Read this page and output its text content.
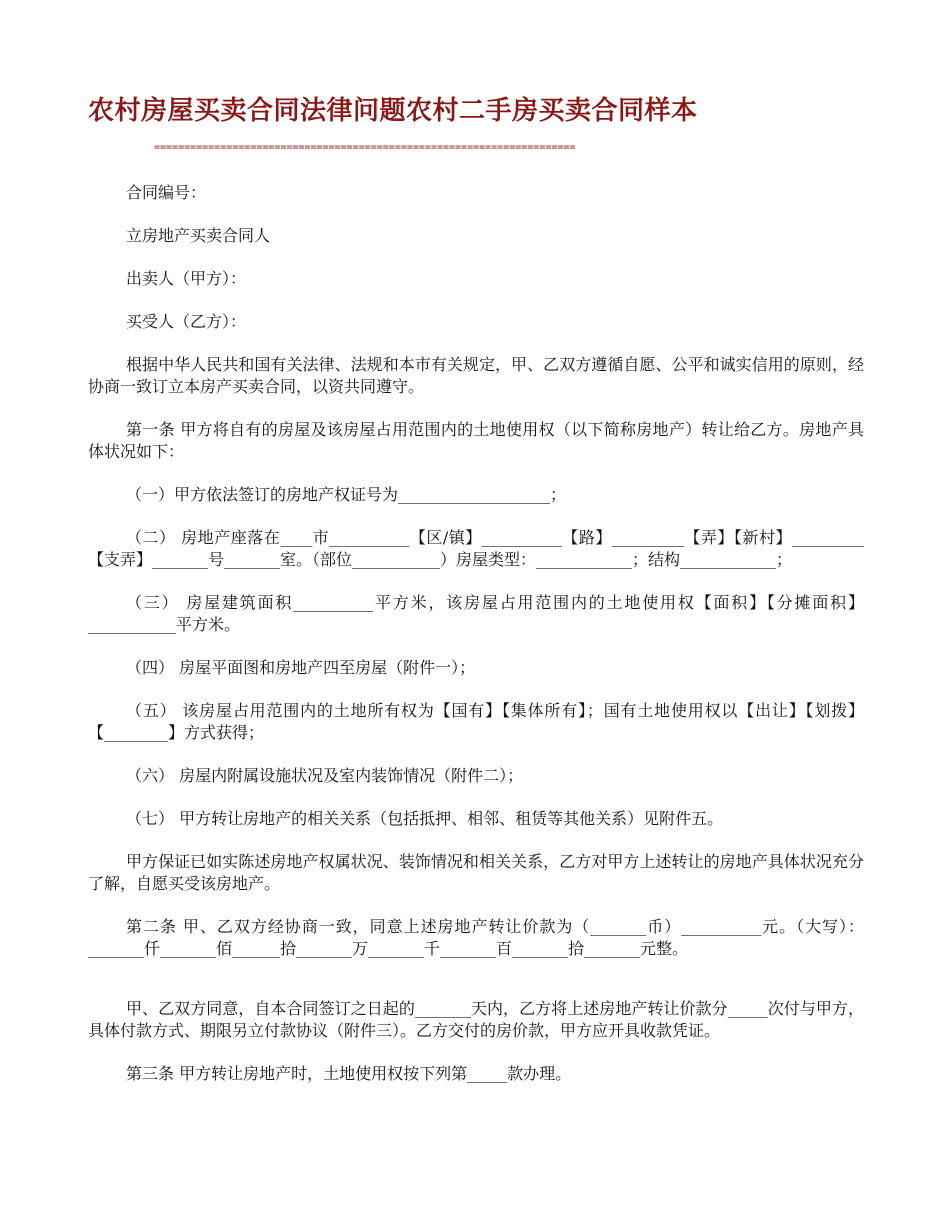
农村房屋买卖合同法律问题农村二手房买卖合同样本
======================================================================

合同编号：

立房地产买卖合同人

出卖人（甲方）：

买受人（乙方）：

根据中华人民共和国有关法律、法规和本市有关规定，甲、乙双方遵循自愿、公平和诚实信用的原则，经协商一致订立本房产买卖合同，以资共同遵守。

第一条 甲方将自有的房屋及该房屋占用范围内的土地使用权（以下简称房地产）转让给乙方。房地产具体状况如下：

（一）甲方依法签订的房地产权证号为___________________；

（二） 房地产座落在____市__________【区/镇】__________【路】_________【弄】【新村】_________【支弄】_______号_______室。（部位___________）房屋类型：____________；结构____________；

（三） 房屋建筑面积__________平方米，该房屋占用范围内的土地使用权【面积】【分摊面积】___________平方米。

（四） 房屋平面图和房地产四至房屋（附件一）；

（五） 该房屋占用范围内的土地所有权为【国有】【集体所有】；国有土地使用权以【出让】【划拨】【________】方式获得；

（六） 房屋内附属设施状况及室内装饰情况（附件二）；

（七） 甲方转让房地产的相关关系（包括抵押、相邻、租赁等其他关系）见附件五。

甲方保证已如实陈述房地产权属状况、装饰情况和相关关系，乙方对甲方上述转让的房地产具体状况充分了解，自愿买受该房地产。

第二条 甲、乙双方经协商一致，同意上述房地产转让价款为（_______币）__________元。（大写）：_______仟_______佰______拾_______万_______千_______百_______拾_______元整。

甲、乙双方同意，自本合同签订之日起的_______天内，乙方将上述房地产转让价款分_____次付与甲方，具体付款方式、期限另立付款协议（附件三）。乙方交付的房价款，甲方应开具收款凭证。

第三条 甲方转让房地产时，土地使用权按下列第_____款办理。
